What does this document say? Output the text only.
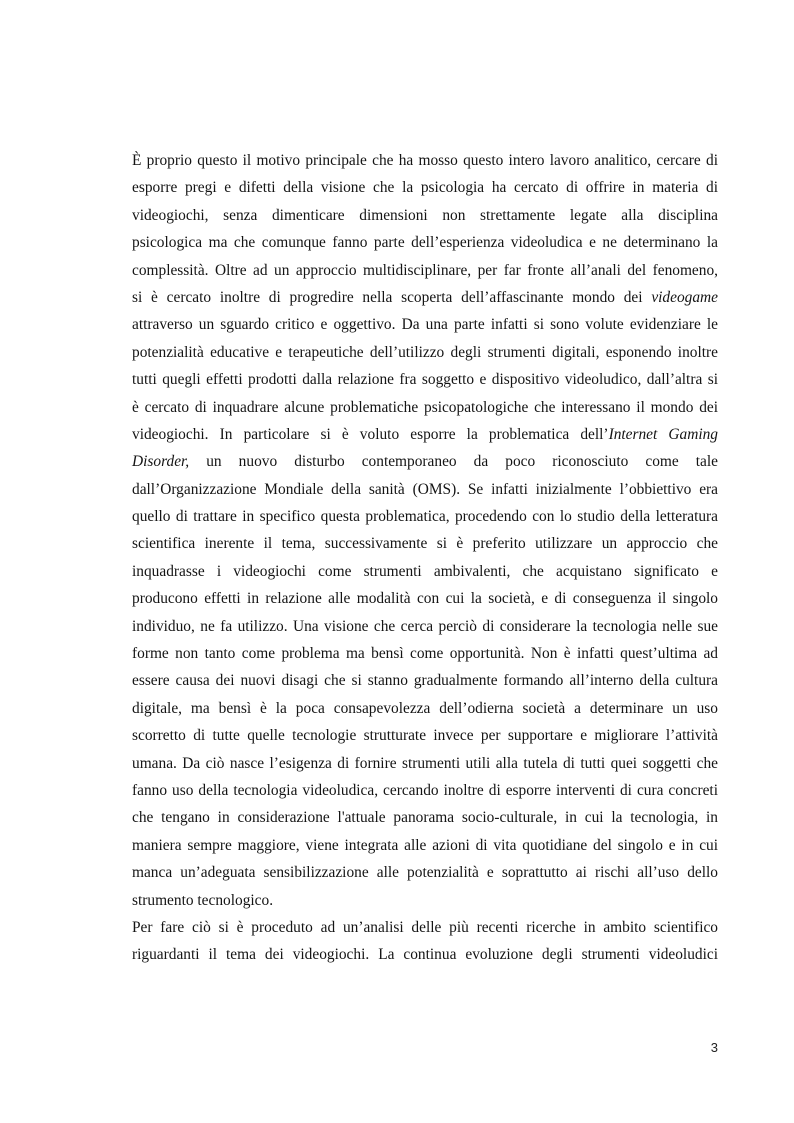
È proprio questo il motivo principale che ha mosso questo intero lavoro analitico, cercare di
esporre pregi e difetti della visione che la psicologia ha cercato di offrire in materia di
videogiochi, senza dimenticare dimensioni non strettamente legate alla disciplina
psicologica ma che comunque fanno parte dell’esperienza videoludica e ne determinano la
complessità. Oltre ad un approccio multidisciplinare, per far fronte all’anali del fenomeno,
si è cercato inoltre di progredire nella scoperta dell’affascinante mondo dei videogame
attraverso un sguardo critico e oggettivo. Da una parte infatti si sono volute evidenziare le
potenzialità educative e terapeutiche dell’utilizzo degli strumenti digitali, esponendo inoltre
tutti quegli effetti prodotti dalla relazione fra soggetto e dispositivo videoludico, dall’altra si
è cercato di inquadrare alcune problematiche psicopatologiche che interessano il mondo dei
videogiochi. In particolare si è voluto esporre la problematica dell’Internet Gaming
Disorder, un nuovo disturbo contemporaneo da poco riconosciuto come tale
dall’Organizzazione Mondiale della sanità (OMS). Se infatti inizialmente l’obbiettivo era
quello di trattare in specifico questa problematica, procedendo con lo studio della letteratura
scientifica inerente il tema, successivamente si è preferito utilizzare un approccio che
inquadrasse i videogiochi come strumenti ambivalenti, che acquistano significato e
producono effetti in relazione alle modalità con cui la società, e di conseguenza il singolo
individuo, ne fa utilizzo. Una visione che cerca perciò di considerare la tecnologia nelle sue
forme non tanto come problema ma bensì come opportunità. Non è infatti quest’ultima ad
essere causa dei nuovi disagi che si stanno gradualmente formando all’interno della cultura
digitale, ma bensì è la poca consapevolezza dell’odierna società a determinare un uso
scorretto di tutte quelle tecnologie strutturate invece per supportare e migliorare l’attività
umana. Da ciò nasce l’esigenza di fornire strumenti utili alla tutela di tutti quei soggetti che
fanno uso della tecnologia videoludica, cercando inoltre di esporre interventi di cura concreti
che tengano in considerazione l'attuale panorama socio-culturale, in cui la tecnologia, in
maniera sempre maggiore, viene integrata alle azioni di vita quotidiane del singolo e in cui
manca un’adeguata sensibilizzazione alle potenzialità e soprattutto ai rischi all’uso dello
strumento tecnologico.
Per fare ciò si è proceduto ad un’analisi delle più recenti ricerche in ambito scientifico
riguardanti il tema dei videogiochi. La continua evoluzione degli strumenti videoludici
3
